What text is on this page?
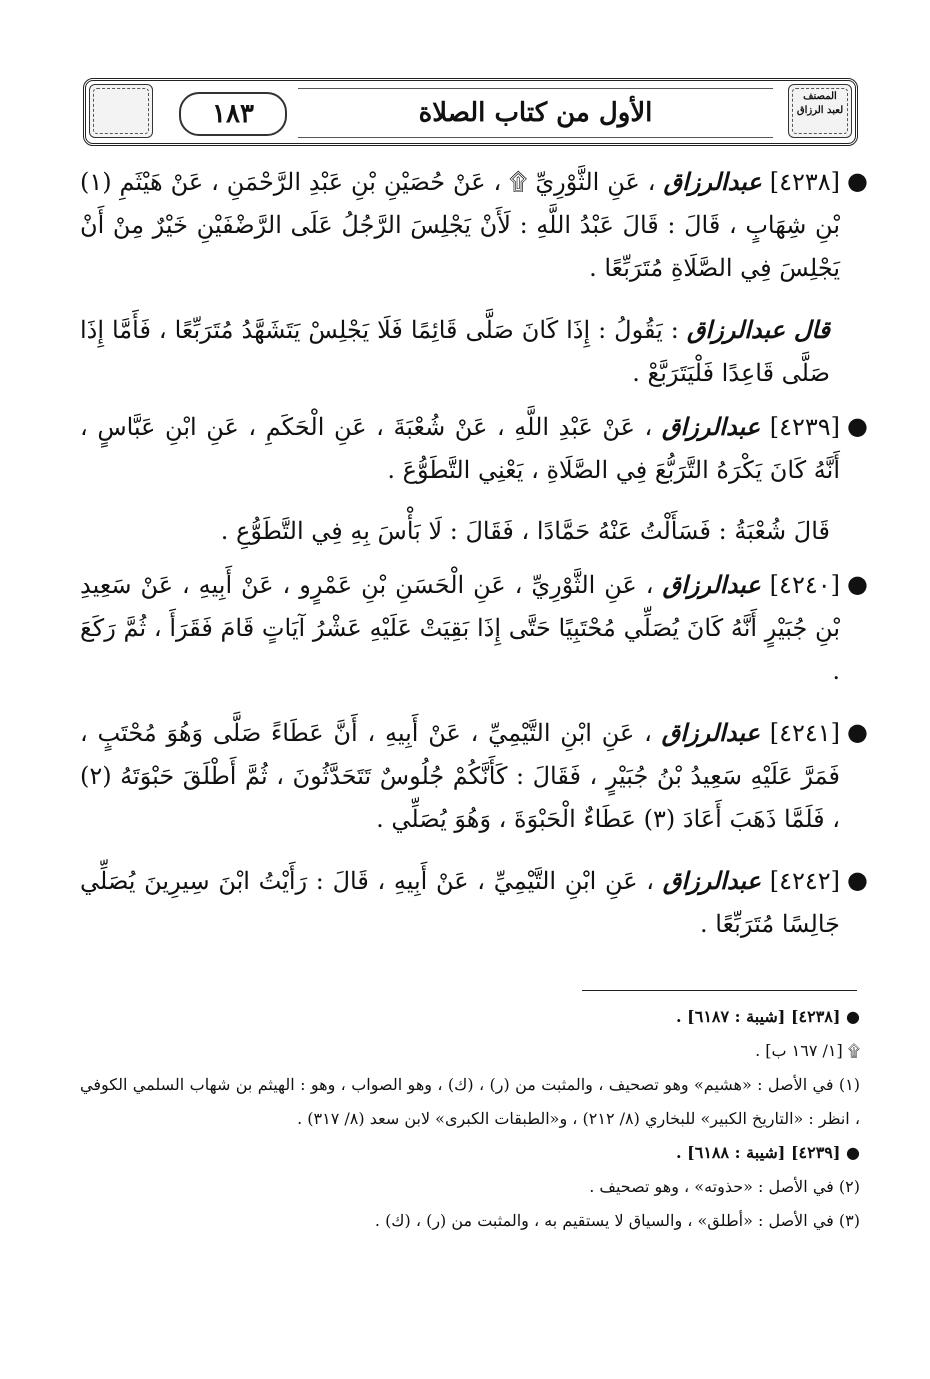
١٨٣	الأول من كتاب الصلاة
المصنف
لعبد الرزاق

●
[٤٢٣٨] عبدالرزاق ، عَنِ الثَّوْرِيِّ ۩ ، عَنْ حُصَيْنِ بْنِ عَبْدِ الرَّحْمَنِ ، عَنْ هَيْثَمِ (١) بْنِ شِهَابٍ ، قَالَ : قَالَ عَبْدُ اللَّهِ : لَأَنْ يَجْلِسَ الرَّجُلُ عَلَى الرَّضْفَيْنِ خَيْرٌ مِنْ أَنْ يَجْلِسَ فِي الصَّلَاةِ مُتَرَبِّعًا .

قال عبدالرزاق : يَقُولُ : إِذَا كَانَ صَلَّى قَائِمًا فَلَا يَجْلِسْ يَتَشَهَّدُ مُتَرَبِّعًا ، فَأَمَّا إِذَا صَلَّى قَاعِدًا فَلْيَتَرَبَّعْ .

●
[٤٢٣٩] عبدالرزاق ، عَنْ عَبْدِ اللَّهِ ، عَنْ شُعْبَةَ ، عَنِ الْحَكَمِ ، عَنِ ابْنِ عَبَّاسٍ ، أَنَّهُ كَانَ يَكْرَهُ التَّرَبُّعَ فِي الصَّلَاةِ ، يَعْنِي التَّطَوُّعَ .

قَالَ شُعْبَةُ : فَسَأَلْتُ عَنْهُ حَمَّادًا ، فَقَالَ : لَا بَأْسَ بِهِ فِي التَّطَوُّعِ .

●
[٤٢٤٠] عبدالرزاق ، عَنِ الثَّوْرِيِّ ، عَنِ الْحَسَنِ بْنِ عَمْرٍو ، عَنْ أَبِيهِ ، عَنْ سَعِيدِ بْنِ جُبَيْرٍ أَنَّهُ كَانَ يُصَلِّي مُحْتَبِيًا حَتَّى إِذَا بَقِيَتْ عَلَيْهِ عَشْرُ آيَاتٍ قَامَ فَقَرَأَ ، ثُمَّ رَكَعَ .

●
[٤٢٤١] عبدالرزاق ، عَنِ ابْنِ التَّيْمِيِّ ، عَنْ أَبِيهِ ، أَنَّ عَطَاءً صَلَّى وَهُوَ مُحْتَبٍ ، فَمَرَّ عَلَيْهِ سَعِيدُ بْنُ جُبَيْرٍ ، فَقَالَ : كَأَنَّكُمْ جُلُوسٌ تَتَحَدَّثُونَ ، ثُمَّ أَطْلَقَ حَبْوَتَهُ (٢) ، فَلَمَّا ذَهَبَ أَعَادَ (٣) عَطَاءٌ الْحَبْوَةَ ، وَهُوَ يُصَلِّي .

●
[٤٢٤٢] عبدالرزاق ، عَنِ ابْنِ التَّيْمِيِّ ، عَنْ أَبِيهِ ، قَالَ : رَأَيْتُ ابْنَ سِيرِينَ يُصَلِّي جَالِسًا مُتَرَبِّعًا .

● [٤٢٣٨] [شيبة : ٦١٨٧] .

۩ [١/ ١٦٧ ب] .

(١) في الأصل : «هشيم» وهو تصحيف ، والمثبت من (ر) ، (ك) ، وهو الصواب ، وهو : الهيثم بن شهاب السلمي الكوفي ، انظر : «التاريخ الكبير» للبخاري (٨/ ٢١٢) ، و«الطبقات الكبرى» لابن سعد (٨/ ٣١٧) .

● [٤٢٣٩] [شيبة : ٦١٨٨] .

(٢) في الأصل : «حذوته» ، وهو تصحيف .

(٣) في الأصل : «أطلق» ، والسياق لا يستقيم به ، والمثبت من (ر) ، (ك) .
